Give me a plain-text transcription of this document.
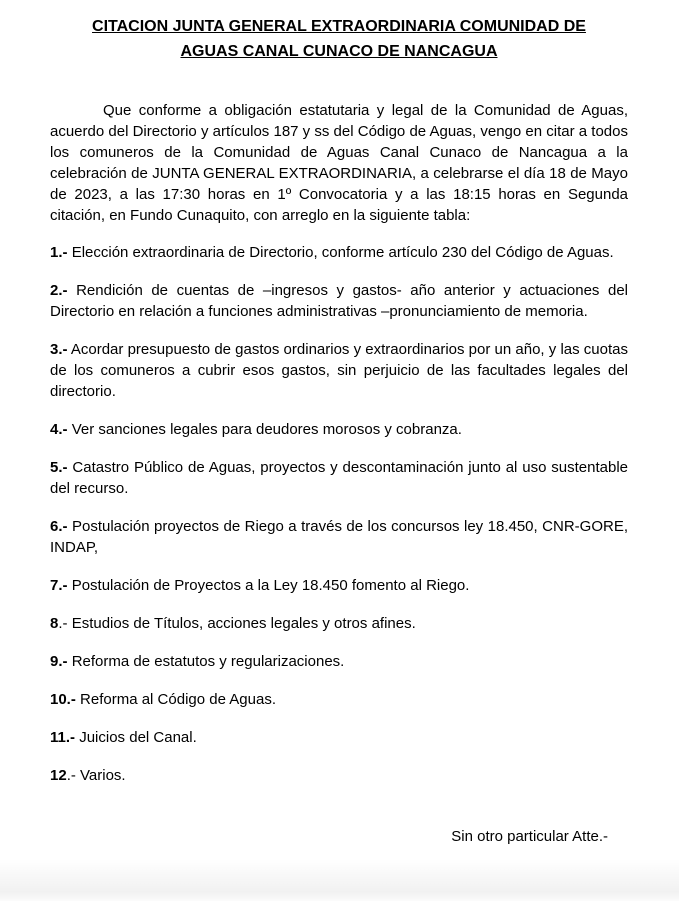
CITACION JUNTA GENERAL EXTRAORDINARIA COMUNIDAD DE
AGUAS CANAL CUNACO DE NANCAGUA

Que conforme a obligación estatutaria y legal de la Comunidad de Aguas, acuerdo del Directorio y artículos 187 y ss del Código de Aguas, vengo en citar a todos los comuneros de la Comunidad de Aguas Canal Cunaco de Nancagua a la celebración de JUNTA GENERAL EXTRAORDINARIA, a celebrarse el día 18 de Mayo de 2023, a las 17:30 horas en 1º Convocatoria y a las 18:15 horas en Segunda citación, en Fundo Cunaquito, con arreglo en la siguiente tabla:

1.- Elección extraordinaria de Directorio, conforme artículo 230 del Código de Aguas.

2.- Rendición de cuentas de –ingresos y gastos- año anterior y actuaciones del Directorio en relación a funciones administrativas –pronunciamiento de memoria.

3.- Acordar presupuesto de gastos ordinarios y extraordinarios por un año, y las cuotas de los comuneros a cubrir esos gastos, sin perjuicio de las facultades legales del directorio.

4.- Ver sanciones legales para deudores morosos y cobranza.

5.- Catastro Público de Aguas, proyectos y descontaminación junto al uso sustentable del recurso.

6.- Postulación proyectos de Riego a través de los concursos ley 18.450, CNR-GORE, INDAP,

7.- Postulación de Proyectos a la Ley 18.450 fomento al Riego.

8.- Estudios de Títulos, acciones legales y otros afines.

9.- Reforma de estatutos y regularizaciones.

10.- Reforma al Código de Aguas.

11.- Juicios del Canal.

12.- Varios.

Sin otro particular Atte.-
